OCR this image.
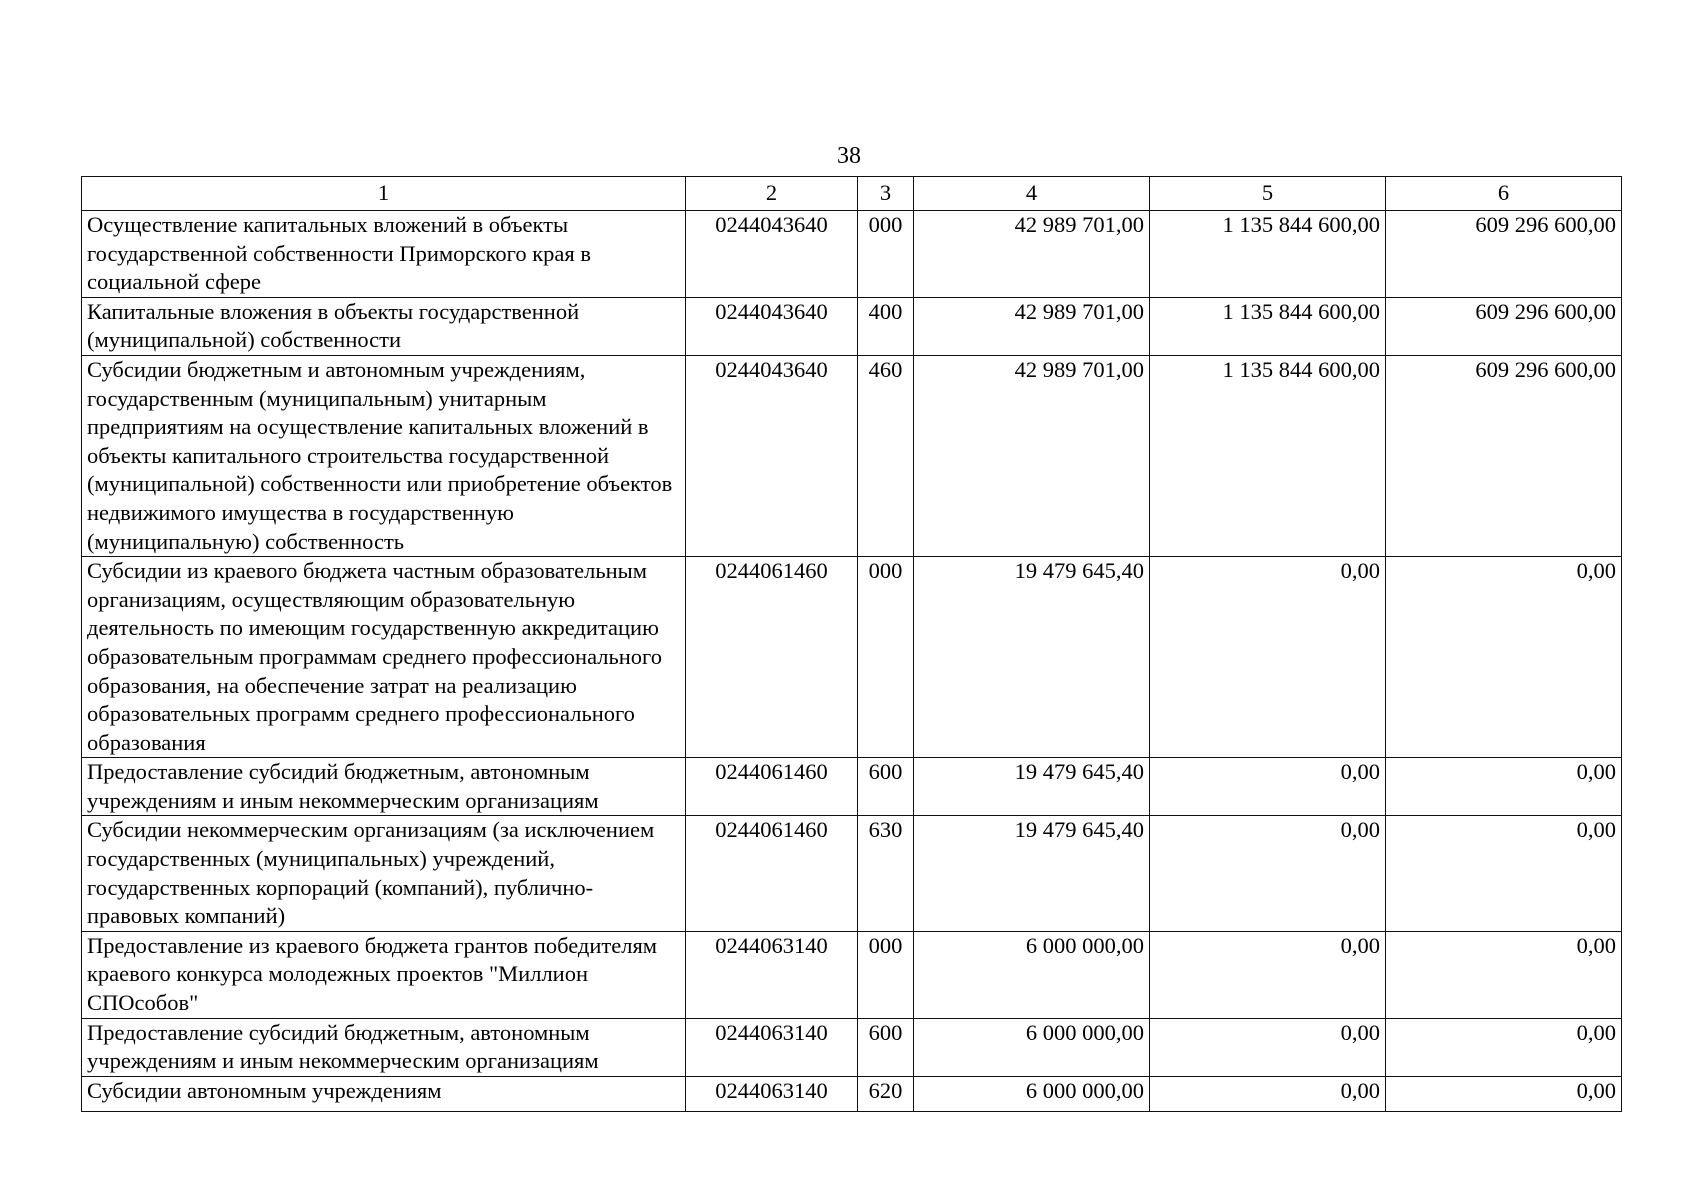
38
1	2	3	4	5	6
Осуществление капитальных вложений в объекты государственной собственности Приморского края в социальной сфере	0244043640	000	42 989 701,00	1 135 844 600,00	609 296 600,00
Капитальные вложения в объекты государственной (муниципальной) собственности	0244043640	400	42 989 701,00	1 135 844 600,00	609 296 600,00
Субсидии бюджетным и автономным учреждениям, государственным (муниципальным) унитарным предприятиям на осуществление капитальных вложений в объекты капитального строительства государственной (муниципальной) собственности или приобретение объектов недвижимого имущества в государственную (муниципальную) собственность	0244043640	460	42 989 701,00	1 135 844 600,00	609 296 600,00
Субсидии из краевого бюджета частным образовательным организациям, осуществляющим образовательную деятельность по имеющим государственную аккредитацию образовательным программам среднего профессионального образования, на обеспечение затрат на реализацию образовательных программ среднего профессионального образования	0244061460	000	19 479 645,40	0,00	0,00
Предоставление субсидий бюджетным, автономным учреждениям и иным некоммерческим организациям	0244061460	600	19 479 645,40	0,00	0,00
Субсидии некоммерческим организациям (за исключением государственных (муниципальных) учреждений, государственных корпораций (компаний), публично-правовых компаний)	0244061460	630	19 479 645,40	0,00	0,00
Предоставление из краевого бюджета грантов победителям краевого конкурса молодежных проектов "Миллион СПОсобов"	0244063140	000	6 000 000,00	0,00	0,00
Предоставление субсидий бюджетным, автономным учреждениям и иным некоммерческим организациям	0244063140	600	6 000 000,00	0,00	0,00
Субсидии автономным учреждениям	0244063140	620	6 000 000,00	0,00	0,00
